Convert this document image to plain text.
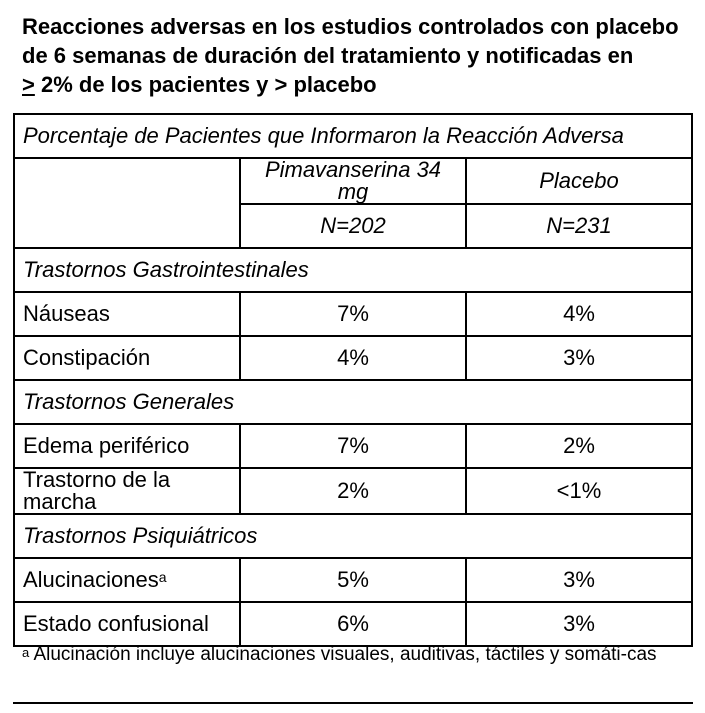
Reacciones adversas en los estudios controlados con placebo
de 6 semanas de duración del tratamiento y notificadas en
≥ 2% de los pacientes y > placebo
Porcentaje de Pacientes que Informaron la Reacción Adversa		
	Pimavanserina 34 mg	Placebo
	N=202	N=231
Trastornos Gastrointestinales		
Náuseas	7%	4%
Constipación	4%	3%
Trastornos Generales		
Edema periférico	7%	2%
Trastorno de la marcha	2%	<1%
Trastornos Psiquiátricos		
Alucinaciones$^a$	5%	3%
Estado confusional	6%	3%
$^a$ Alucinación incluye alucinaciones visuales, auditivas, táctiles y somáti-cas
